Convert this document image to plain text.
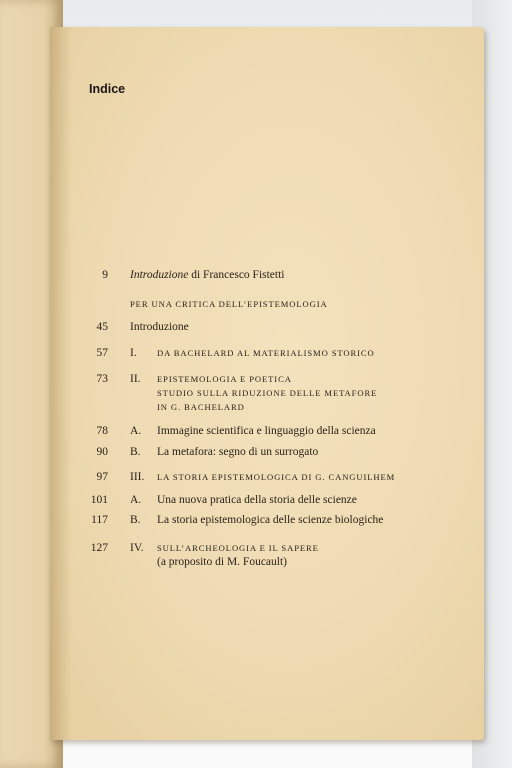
Indice
9 Introduzione di Francesco Fistetti
PER UNA CRITICA DELL’EPISTEMOLOGIA
45 Introduzione
57 I. DA BACHELARD AL MATERIALISMO STORICO
73 II. EPISTEMOLOGIA E POETICA
STUDIO SULLA RIDUZIONE DELLE METAFORE
IN G. BACHELARD
78 A. Immagine scientifica e linguaggio della scienza
90 B. La metafora: segno di un surrogato
97 III. LA STORIA EPISTEMOLOGICA DI G. CANGUILHEM
101 A. Una nuova pratica della storia delle scienze
117 B. La storia epistemologica delle scienze biologiche
127 IV. SULL’ARCHEOLOGIA E IL SAPERE
(a proposito di M. Foucault)
